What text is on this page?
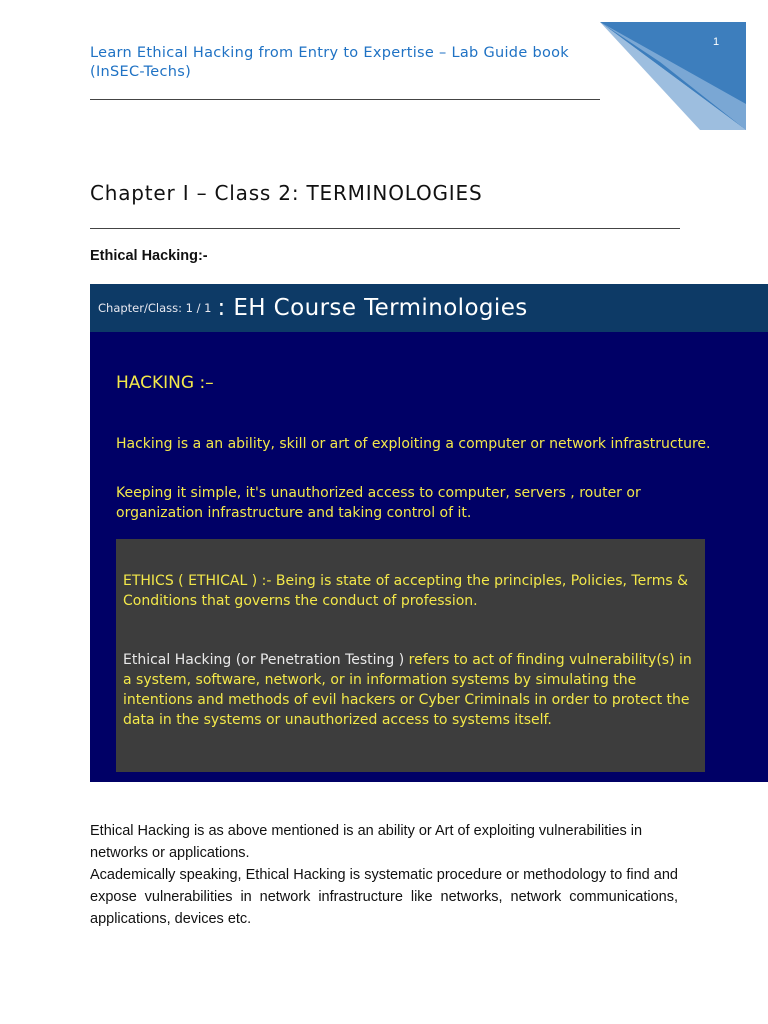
Learn Ethical Hacking from Entry to Expertise – Lab Guide book (InSEC-Techs)
1
Chapter I – Class 2: TERMINOLOGIES
Ethical Hacking:-
Chapter/Class: 1 / 1 : EH Course Terminologies
HACKING :–
Hacking is a an ability, skill or art of exploiting a computer or network infrastructure.
Keeping it simple, it's unauthorized access to computer, servers , router or organization infrastructure and taking control of it.
ETHICS ( ETHICAL ) :- Being is state of accepting the principles, Policies, Terms & Conditions that governs the conduct of profession.
Ethical Hacking (or Penetration Testing ) refers to act of finding vulnerability(s) in a system, software, network, or in information systems by simulating the intentions and methods of evil hackers or Cyber Criminals in order to protect the data in the systems or unauthorized access to systems itself.

Ethical Hacking is as above mentioned is an ability or Art of exploiting vulnerabilities in networks or applications.

Academically speaking, Ethical Hacking is systematic procedure or methodology to find and expose vulnerabilities in network infrastructure like networks, network communications, applications, devices etc.
